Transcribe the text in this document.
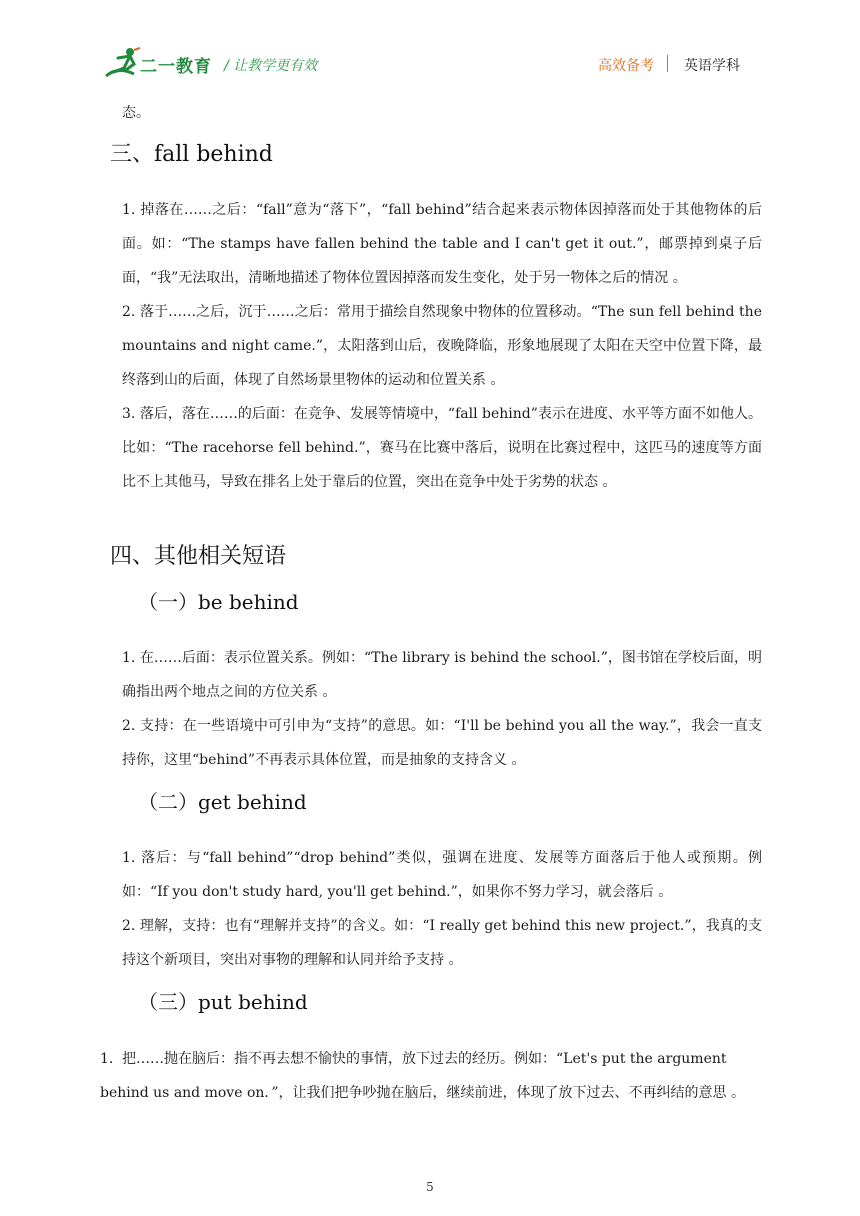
二一教育 / 让教学更有效	高效备考 英语学科
态。
三、fall behind
1. 掉落在……之后：“fall”意为“落下”，“fall behind”结合起来表示物体因掉落而处于其他物体的后面。如：“The stamps have fallen behind the table and I can't get it out.”，邮票掉到桌子后面，“我”无法取出，清晰地描述了物体位置因掉落而发生变化，处于另一物体之后的情况 。
2. 落于……之后，沉于……之后：常用于描绘自然现象中物体的位置移动。“The sun fell behind the mountains and night came.”，太阳落到山后，夜晚降临，形象地展现了太阳在天空中位置下降，最终落到山的后面，体现了自然场景里物体的运动和位置关系 。
3. 落后，落在……的后面：在竞争、发展等情境中，“fall behind”表示在进度、水平等方面不如他人。比如：“The racehorse fell behind.”，赛马在比赛中落后，说明在比赛过程中，这匹马的速度等方面比不上其他马，导致在排名上处于靠后的位置，突出在竞争中处于劣势的状态 。
四、其他相关短语
（一）be behind
1. 在……后面：表示位置关系。例如：“The library is behind the school.”，图书馆在学校后面，明确指出两个地点之间的方位关系 。
2. 支持：在一些语境中可引申为“支持”的意思。如：“I'll be behind you all the way.”，我会一直支持你，这里“behind”不再表示具体位置，而是抽象的支持含义 。
（二）get behind
1. 落后：与“fall behind”“drop behind”类似，强调在进度、发展等方面落后于他人或预期。例如：“If you don't study hard, you'll get behind.”，如果你不努力学习，就会落后 。
2. 理解，支持：也有“理解并支持”的含义。如：“I really get behind this new project.”，我真的支持这个新项目，突出对事物的理解和认同并给予支持 。
（三）put behind
1．把……抛在脑后：指不再去想不愉快的事情，放下过去的经历。例如：“Let's put the argument behind us and move on．”，让我们把争吵抛在脑后，继续前进，体现了放下过去、不再纠结的意思 。
5
